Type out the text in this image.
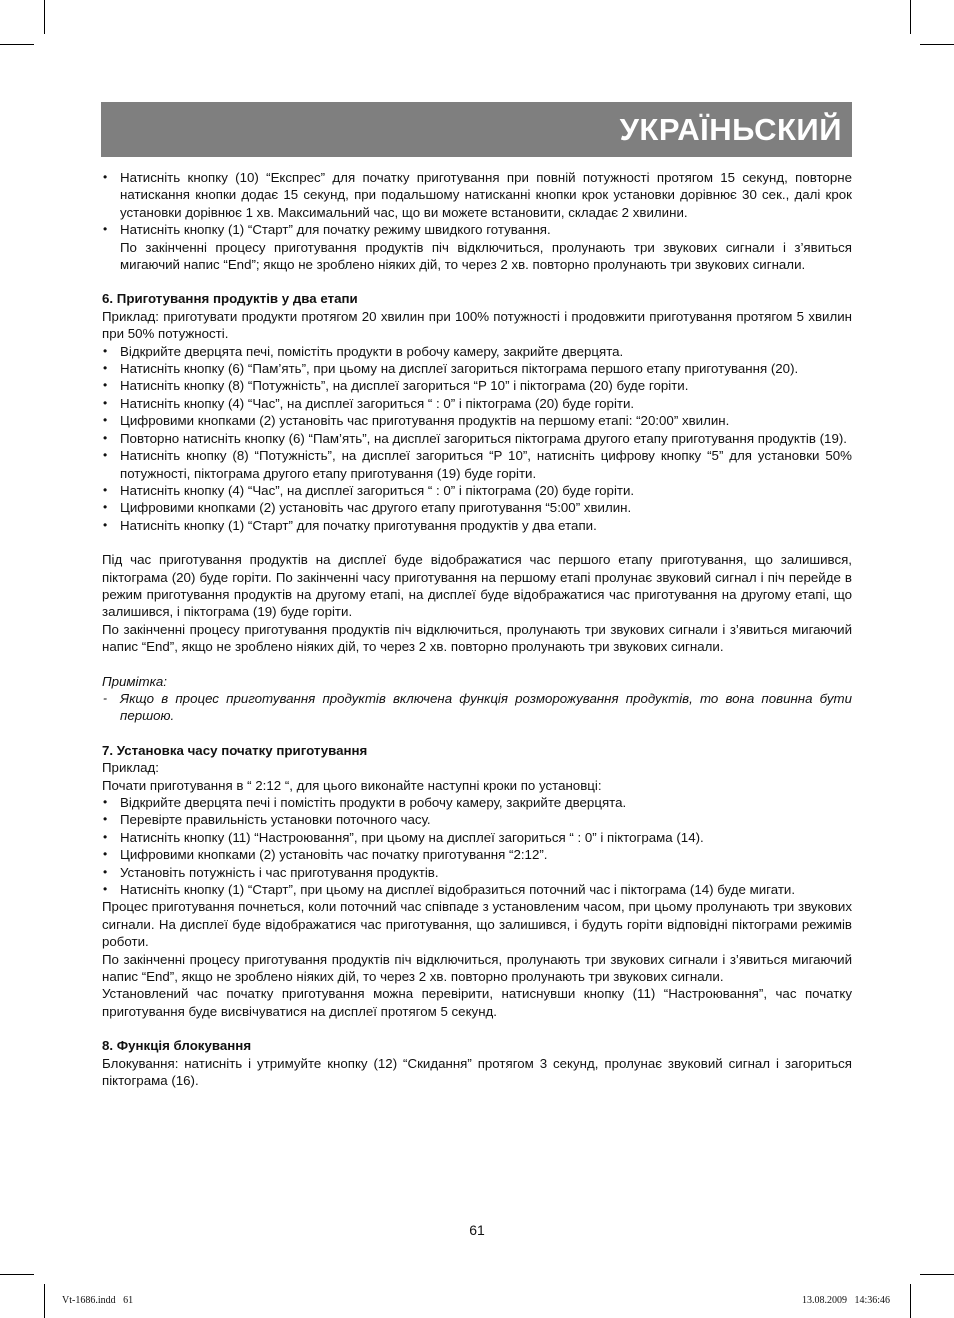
УКРАЇНЬСКИЙ
• Натисніть кнопку (10) “Експрес” для початку приготування при повній потужності протягом 15 секунд, повторне натискання кнопки додає 15 секунд, при подальшому натисканні кнопки крок установки дорівнює 30 сек., далі крок установки дорівнює 1 хв. Максимальний час, що ви можете встановити, складає 2 хвилини.
• Натисніть кнопку (1) “Старт” для початку режиму швидкого готування.

По закінченні процесу приготування продуктів піч відключиться, пролунають три звукових сигнали і з’явиться мигаючий напис “End”; якщо не зроблено ніяких дій, то через 2 хв. повторно пролунають три звукових сигнали.

6. Приготування продуктів у два етапи

Приклад: приготувати продукти протягом 20 хвилин при 100% потужності і продовжити приготування протягом 5 хвилин при 50% потужності.

• Відкрийте дверцята печі, помістіть продукти в робочу камеру, закрийте дверцята.
• Натисніть кнопку (6) “Пам’ять”, при цьому на дисплеї загориться піктограма першого етапу приготування (20).
• Натисніть кнопку (8) “Потужність”, на дисплеї загориться “P 10” і піктограма (20) буде горіти.
• Натисніть кнопку (4) “Час”, на дисплеї загориться “ : 0” і піктограма (20) буде горіти.
• Цифровими кнопками (2) установіть час приготування продуктів на першому етапі: “20:00” хвилин.
• Повторно натисніть кнопку (6) “Пам’ять”, на дисплеї загориться піктограма другого етапу приготування продуктів (19).
• Натисніть кнопку (8) “Потужність”, на дисплеї загориться “P 10”, натисніть цифрову кнопку “5” для установки 50% потужності, піктограма другого етапу приготування (19) буде горіти.
• Натисніть кнопку (4) “Час”, на дисплеї загориться “ : 0” і піктограма (20) буде горіти.
• Цифровими кнопками (2) установіть час другого етапу приготування “5:00” хвилин.
• Натисніть кнопку (1) “Старт” для початку приготування продуктів у два етапи.

Під час приготування продуктів на дисплеї буде відображатися час першого етапу приготування, що залишився, піктограма (20) буде горіти. По закінченні часу приготування на першому етапі пролунає звуковий сигнал і піч перейде в режим приготування продуктів на другому етапі, на дисплеї буде відображатися час приготування на другому етапі, що залишився, і піктограма (19) буде горіти.

По закінченні процесу приготування продуктів піч відключиться, пролунають три звукових сигнали і з’явиться мигаючий напис “End”, якщо не зроблено ніяких дій, то через 2 хв. повторно пролунають три звукових сигнали.

Примітка:

- Якщо в процес приготування продуктів включена функція розморожування продуктів, то вона повинна бути першою.
7. Установка часу початку приготування

Приклад:

Почати приготування в “ 2:12 “, для цього виконайте наступні кроки по установці:

• Відкрийте дверцята печі і помістіть продукти в робочу камеру, закрийте дверцята.
• Перевірте правильність установки поточного часу.
• Натисніть кнопку (11) “Настроювання”, при цьому на дисплеї загориться “ : 0” і піктограма (14).
• Цифровими кнопками (2) установіть час початку приготування “2:12”.
• Установіть потужність і час приготування продуктів.
• Натисніть кнопку (1) “Старт”, при цьому на дисплеї відобразиться поточний час і піктограма (14) буде мигати.

Процес приготування почнеться, коли поточний час співпаде з установленим часом, при цьому пролунають три звукових сигнали. На дисплеї буде відображатися час приготування, що залишився, і будуть горіти відповідні піктограми режимів роботи.

По закінченні процесу приготування продуктів піч відключиться, пролунають три звукових сигнали і з’явиться мигаючий напис “End”, якщо не зроблено ніяких дій, то через 2 хв. повторно пролунають три звукових сигнали.

Установлений час початку приготування можна перевірити, натиснувши кнопку (11) “Настроювання”, час початку приготування буде висвічуватися на дисплеї протягом 5 секунд.

8. Функція блокування

Блокування: натисніть і утримуйте кнопку (12) “Скидання” протягом 3 секунд, пролунає звуковий сигнал і загориться піктограма (16).

61
Vt-1686.indd   61	13.08.2009   14:36:46
